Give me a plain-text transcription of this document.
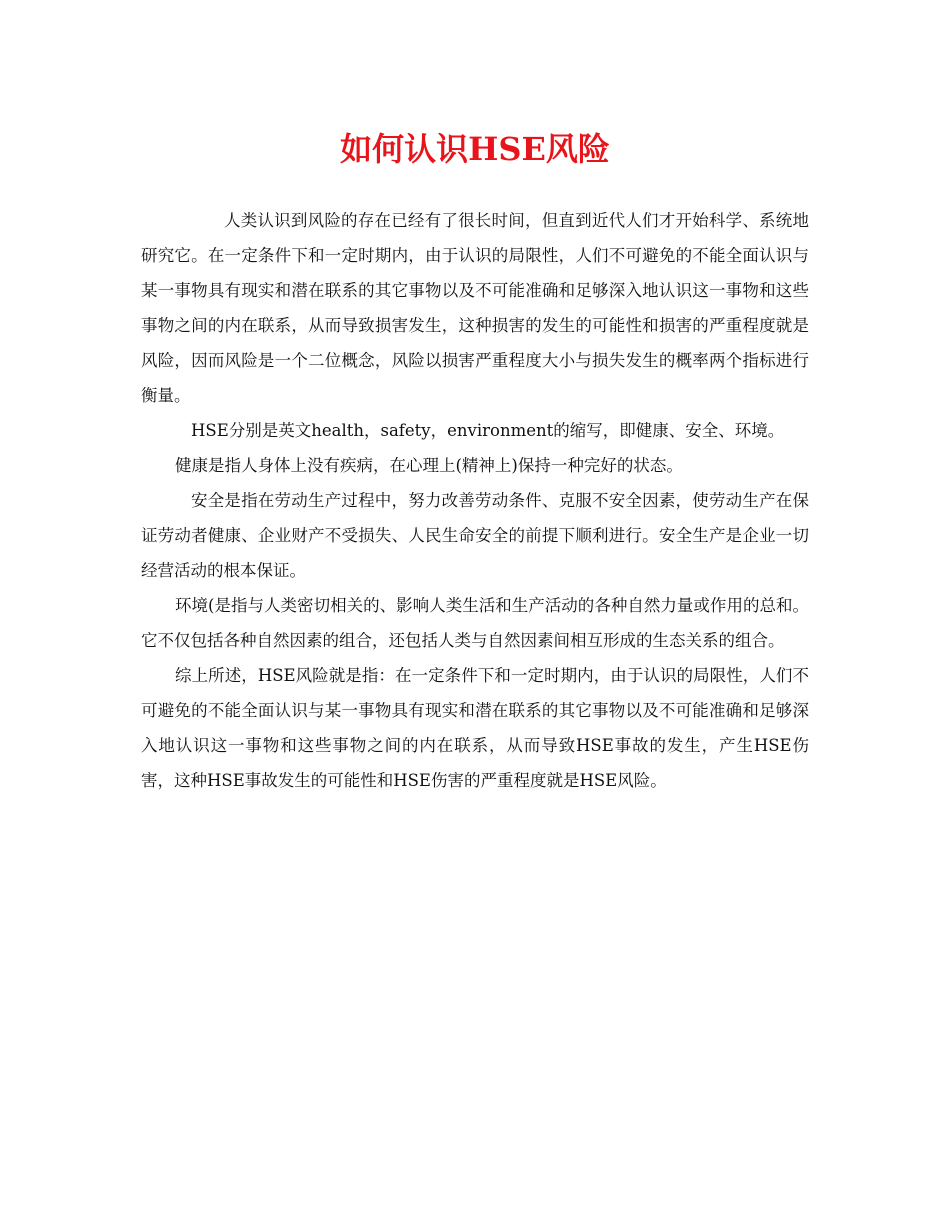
如何认识HSE风险

人类认识到风险的存在已经有了很长时间，但直到近代人们才开始科学、系统地研究它。在一定条件下和一定时期内，由于认识的局限性，人们不可避免的不能全面认识与某一事物具有现实和潜在联系的其它事物以及不可能准确和足够深入地认识这一事物和这些事物之间的内在联系，从而导致损害发生，这种损害的发生的可能性和损害的严重程度就是风险，因而风险是一个二位概念，风险以损害严重程度大小与损失发生的概率两个指标进行衡量。

HSE分别是英文health，safety，environment的缩写，即健康、安全、环境。

健康是指人身体上没有疾病，在心理上(精神上)保持一种完好的状态。

安全是指在劳动生产过程中，努力改善劳动条件、克服不安全因素，使劳动生产在保证劳动者健康、企业财产不受损失、人民生命安全的前提下顺利进行。安全生产是企业一切经营活动的根本保证。

环境(是指与人类密切相关的、影响人类生活和生产活动的各种自然力量或作用的总和。它不仅包括各种自然因素的组合，还包括人类与自然因素间相互形成的生态关系的组合。

综上所述，HSE风险就是指：在一定条件下和一定时期内，由于认识的局限性，人们不可避免的不能全面认识与某一事物具有现实和潜在联系的其它事物以及不可能准确和足够深入地认识这一事物和这些事物之间的内在联系，从而导致HSE事故的发生，产生HSE伤害，这种HSE事故发生的可能性和HSE伤害的严重程度就是HSE风险。
